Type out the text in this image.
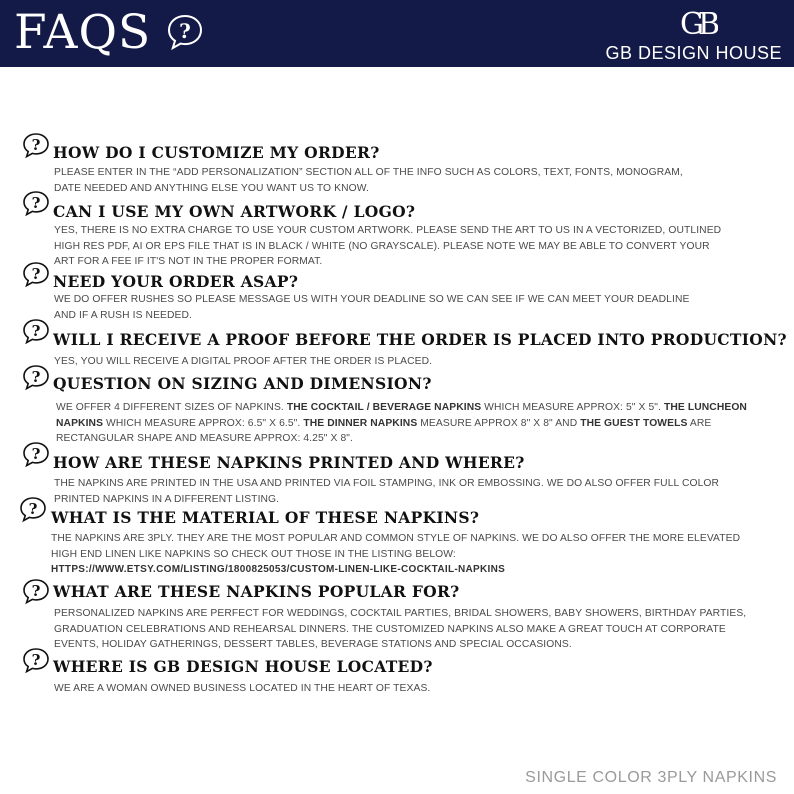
FAQS ?	GB
GB DESIGN HOUSE
HOW DO I CUSTOMIZE MY ORDER?
PLEASE ENTER IN THE “ADD PERSONALIZATION” SECTION ALL OF THE INFO SUCH AS COLORS, TEXT, FONTS, MONOGRAM,
DATE NEEDED AND ANYTHING ELSE YOU WANT US TO KNOW.
CAN I USE MY OWN ARTWORK / LOGO?
YES, THERE IS NO EXTRA CHARGE TO USE YOUR CUSTOM ARTWORK. PLEASE SEND THE ART TO US IN A VECTORIZED, OUTLINED
HIGH RES PDF, AI OR EPS FILE THAT IS IN BLACK / WHITE (NO GRAYSCALE). PLEASE NOTE WE MAY BE ABLE TO CONVERT YOUR
ART FOR A FEE IF IT'S NOT IN THE PROPER FORMAT.
NEED YOUR ORDER ASAP?
WE DO OFFER RUSHES SO PLEASE MESSAGE US WITH YOUR DEADLINE SO WE CAN SEE IF WE CAN MEET YOUR DEADLINE
AND IF A RUSH IS NEEDED.
WILL I RECEIVE A PROOF BEFORE THE ORDER IS PLACED INTO PRODUCTION?
YES, YOU WILL RECEIVE A DIGITAL PROOF AFTER THE ORDER IS PLACED.
QUESTION ON SIZING AND DIMENSION?
WE OFFER 4 DIFFERENT SIZES OF NAPKINS. THE COCKTAIL / BEVERAGE NAPKINS WHICH MEASURE APPROX: 5" X 5". THE LUNCHEON
NAPKINS WHICH MEASURE APPROX: 6.5" X 6.5". THE DINNER NAPKINS MEASURE APPROX 8" X 8" AND THE GUEST TOWELS ARE
RECTANGULAR SHAPE AND MEASURE APPROX: 4.25" X 8".
HOW ARE THESE NAPKINS PRINTED AND WHERE?
THE NAPKINS ARE PRINTED IN THE USA AND PRINTED VIA FOIL STAMPING, INK OR EMBOSSING. WE DO ALSO OFFER FULL COLOR
PRINTED NAPKINS IN A DIFFERENT LISTING.
WHAT IS THE MATERIAL OF THESE NAPKINS?
THE NAPKINS ARE 3PLY. THEY ARE THE MOST POPULAR AND COMMON STYLE OF NAPKINS. WE DO ALSO OFFER THE MORE ELEVATED
HIGH END LINEN LIKE NAPKINS SO CHECK OUT THOSE IN THE LISTING BELOW:
HTTPS://WWW.ETSY.COM/LISTING/1800825053/CUSTOM-LINEN-LIKE-COCKTAIL-NAPKINS
WHAT ARE THESE NAPKINS POPULAR FOR?
PERSONALIZED NAPKINS ARE PERFECT FOR WEDDINGS, COCKTAIL PARTIES, BRIDAL SHOWERS, BABY SHOWERS, BIRTHDAY PARTIES,
GRADUATION CELEBRATIONS AND REHEARSAL DINNERS. THE CUSTOMIZED NAPKINS ALSO MAKE A GREAT TOUCH AT CORPORATE
EVENTS, HOLIDAY GATHERINGS, DESSERT TABLES, BEVERAGE STATIONS AND SPECIAL OCCASIONS.
WHERE IS GB DESIGN HOUSE LOCATED?
WE ARE A WOMAN OWNED BUSINESS LOCATED IN THE HEART OF TEXAS.
SINGLE COLOR 3PLY NAPKINS
